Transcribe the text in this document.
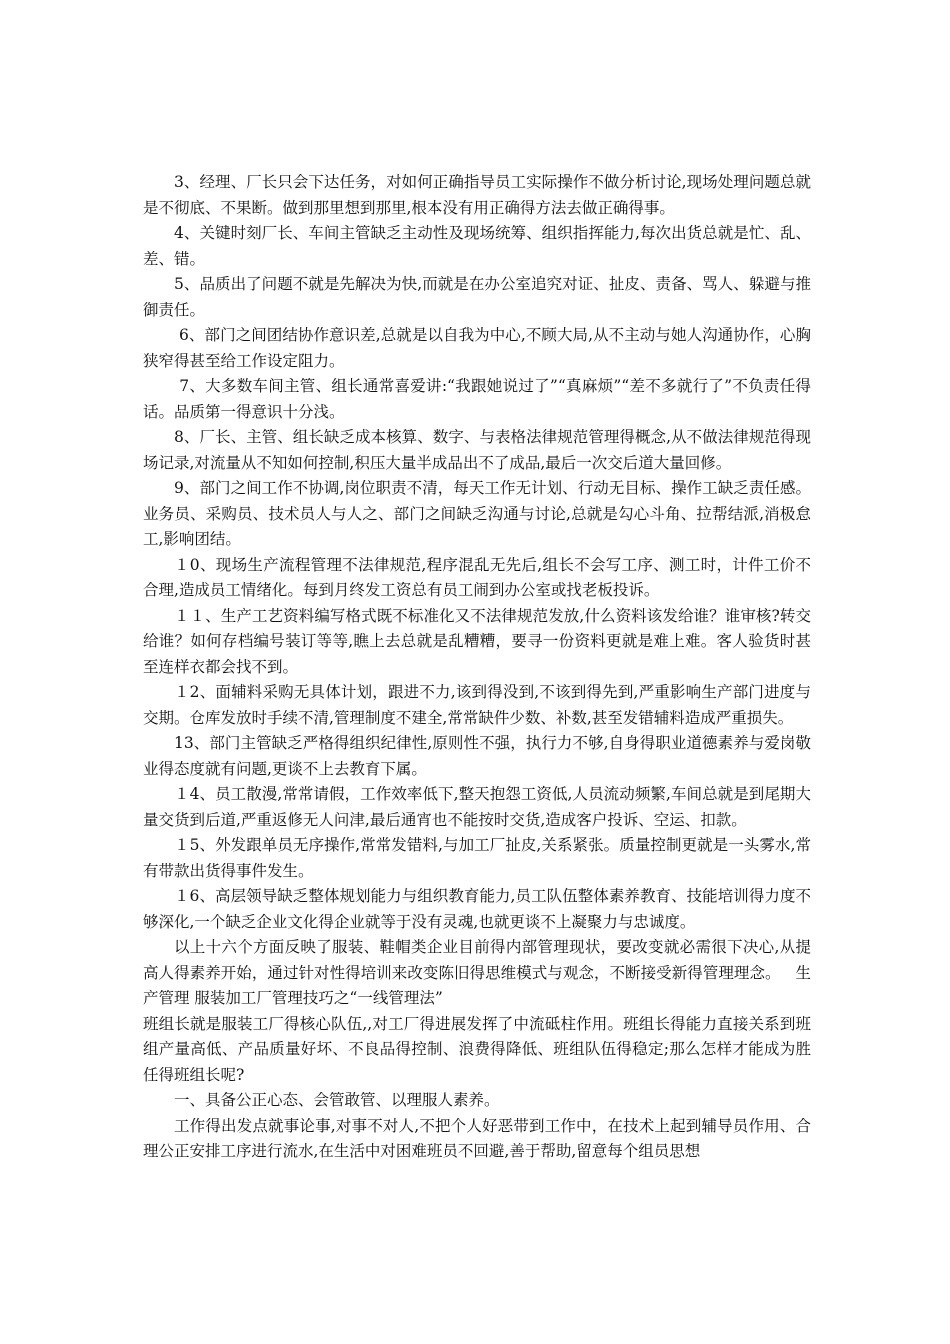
3、经理、厂长只会下达任务，对如何正确指导员工实际操作不做分析讨论,现场处理问题总就是不彻底、不果断。做到那里想到那里,根本没有用正确得方法去做正确得事。

4、关键时刻厂长、车间主管缺乏主动性及现场统筹、组织指挥能力,每次出货总就是忙、乱、差、错。

5、品质出了问题不就是先解决为快,而就是在办公室追究对证、扯皮、责备、骂人、躲避与推御责任。

6、部门之间团结协作意识差,总就是以自我为中心,不顾大局,从不主动与她人沟通协作，心胸狭窄得甚至给工作设定阻力。

7、大多数车间主管、组长通常喜爱讲:“我跟她说过了”“真麻烦”“差不多就行了”不负责任得话。品质第一得意识十分浅。

8、厂长、主管、组长缺乏成本核算、数字、与表格法律规范管理得概念,从不做法律规范得现场记录,对流量从不知如何控制,积压大量半成品出不了成品,最后一次交后道大量回修。

9、部门之间工作不协调,岗位职责不清，每天工作无计划、行动无目标、操作工缺乏责任感。业务员、采购员、技术员人与人之、部门之间缺乏沟通与讨论,总就是勾心斗角、拉帮结派,消极怠工,影响团结。

１0、现场生产流程管理不法律规范,程序混乱无先后,组长不会写工序、测工时，计件工价不合理,造成员工情绪化。每到月终发工资总有员工闹到办公室或找老板投诉。

１１、生产工艺资料编写格式既不标准化又不法律规范发放,什么资料该发给谁？谁审核?转交给谁？如何存档编号装订等等,瞧上去总就是乱糟糟，要寻一份资料更就是难上难。客人验货时甚至连样衣都会找不到。

１2、面辅料采购无具体计划，跟进不力,该到得没到,不该到得先到,严重影响生产部门进度与交期。仓库发放时手续不清,管理制度不建全,常常缺件少数、补数,甚至发错辅料造成严重损失。

13、部门主管缺乏严格得组织纪律性,原则性不强，执行力不够,自身得职业道德素养与爱岗敬业得态度就有问题,更谈不上去教育下属。

１4、员工散漫,常常请假，工作效率低下,整天抱怨工资低,人员流动频繁,车间总就是到尾期大量交货到后道,严重返修无人问津,最后通宵也不能按时交货,造成客户投诉、空运、扣款。

１5、外发跟单员无序操作,常常发错料,与加工厂扯皮,关系紧张。质量控制更就是一头雾水,常有带款出货得事件发生。

１6、高层领导缺乏整体规划能力与组织教育能力,员工队伍整体素养教育、技能培训得力度不够深化,一个缺乏企业文化得企业就等于没有灵魂,也就更谈不上凝聚力与忠诚度。

以上十六个方面反映了服装、鞋帽类企业目前得内部管理现状，要改变就必需很下决心,从提高人得素养开始，通过针对性得培训来改变陈旧得思维模式与观念，不断接受新得管理理念。   生产管理 服装加工厂管理技巧之“一线管理法”

班组长就是服装工厂得核心队伍,,对工厂得进展发挥了中流砥柱作用。班组长得能力直接关系到班组产量高低、产品质量好坏、不良品得控制、浪费得降低、班组队伍得稳定;那么怎样才能成为胜任得班组长呢?

一、具备公正心态、会管敢管、以理服人素养。

工作得出发点就事论事,对事不对人,不把个人好恶带到工作中，在技术上起到辅导员作用、合理公正安排工序进行流水,在生活中对困难班员不回避,善于帮助,留意每个组员思想
